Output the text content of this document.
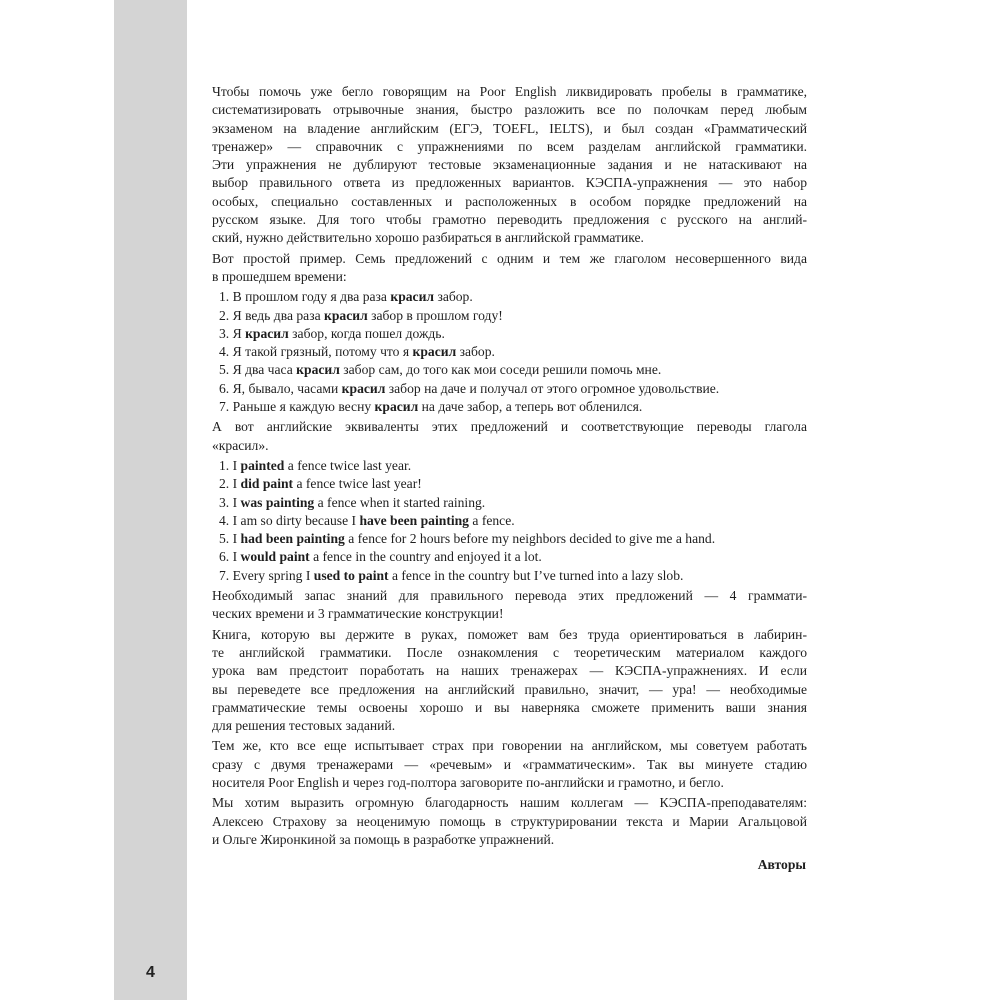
4
Чтобы помочь уже бегло говорящим на Poor English ликвидировать пробелы в грамматике,
систематизировать отрывочные знания, быстро разложить все по полочкам перед любым
экзаменом на владение английским (ЕГЭ, TOEFL, IELTS), и был создан «Грамматический
тренажер» — справочник с упражнениями по всем разделам английской грамматики.
Эти упражнения не дублируют тестовые экзаменационные задания и не натаскивают на
выбор правильного ответа из предложенных вариантов. КЭСПА-упражнения — это набор
особых, специально составленных и расположенных в особом порядке предложений на
русском языке. Для того чтобы грамотно переводить предложения с русского на англий-
ский, нужно действительно хорошо разбираться в английской грамматике.
Вот простой пример. Семь предложений с одним и тем же глаголом несовершенного вида
в прошедшем времени:
1. В прошлом году я два раза красил забор.
2. Я ведь два раза красил забор в прошлом году!
3. Я красил забор, когда пошел дождь.
4. Я такой грязный, потому что я красил забор.
5. Я два часа красил забор сам, до того как мои соседи решили помочь мне.
6. Я, бывало, часами красил забор на даче и получал от этого огромное удовольствие.
7. Раньше я каждую весну красил на даче забор, а теперь вот обленился.
А вот английские эквиваленты этих предложений и соответствующие переводы глагола
«красил».
1. I painted a fence twice last year.
2. I did paint a fence twice last year!
3. I was painting a fence when it started raining.
4. I am so dirty because I have been painting a fence.
5. I had been painting a fence for 2 hours before my neighbors decided to give me a hand.
6. I would paint a fence in the country and enjoyed it a lot.
7. Every spring I used to paint a fence in the country but I’ve turned into a lazy slob.
Необходимый запас знаний для правильного перевода этих предложений — 4 граммати-
ческих времени и 3 грамматические конструкции!
Книга, которую вы держите в руках, поможет вам без труда ориентироваться в лабирин-
те английской грамматики. После ознакомления с теоретическим материалом каждого
урока вам предстоит поработать на наших тренажерах — КЭСПА-упражнениях. И если
вы переведете все предложения на английский правильно, значит, — ура! — необходимые
грамматические темы освоены хорошо и вы наверняка сможете применить ваши знания
для решения тестовых заданий.
Тем же, кто все еще испытывает страх при говорении на английском, мы советуем работать
сразу с двумя тренажерами — «речевым» и «грамматическим». Так вы минуете стадию
носителя Poor English и через год-полтора заговорите по-английски и грамотно, и бегло.
Мы хотим выразить огромную благодарность нашим коллегам — КЭСПА-преподавателям:
Алексею Страхову за неоценимую помощь в структурировании текста и Марии Агальцовой
и Ольге Жиронкиной за помощь в разработке упражнений.
Авторы
